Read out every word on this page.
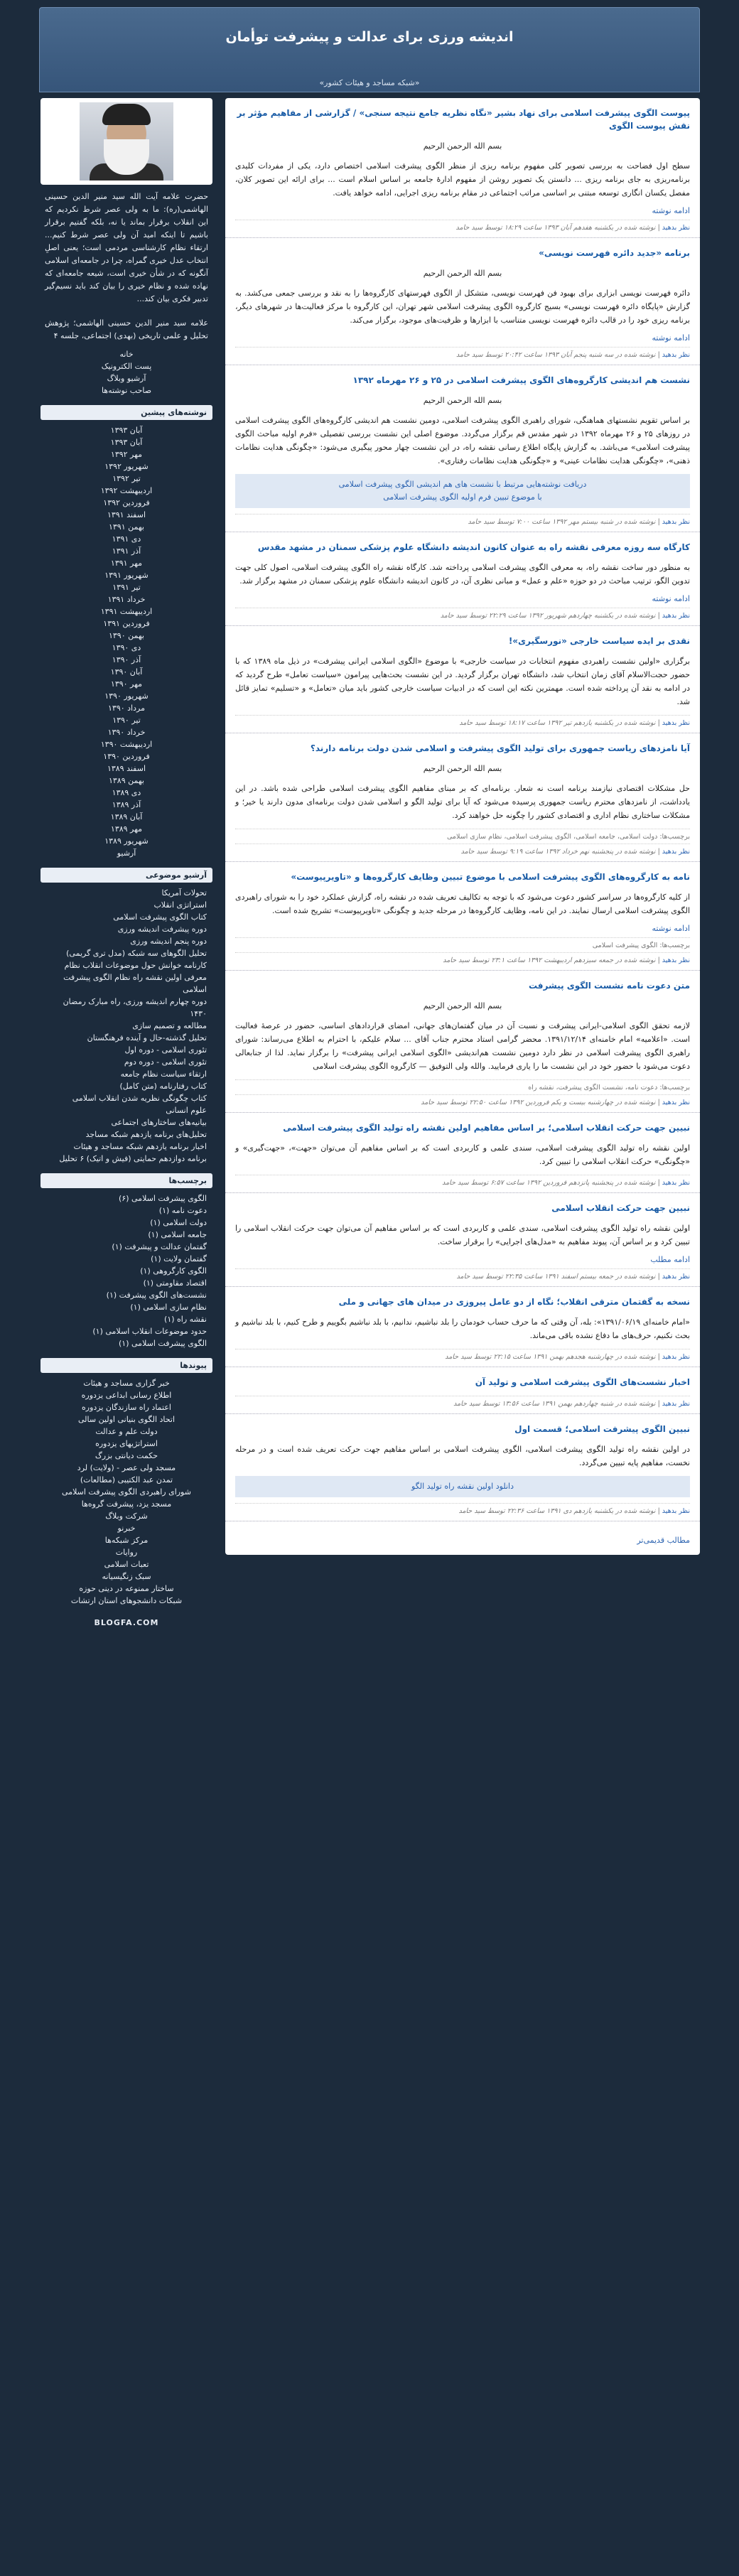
اندیشه ورزی برای عدالت و پیشرفت توأمان
«شبکه مساجد و هیئات کشور»
پیوست الگوی پیشرفت اسلامی برای نهاد بشیر «نگاه نظریه جامع نتیجه سنجی» / گزارشی از مفاهیم مؤثر بر نقش پیوست الگوی

بسم الله الرحمن الرحیم

سطح اول فضاحت به بررسی تصویر کلی مفهوم برنامه ریزی از منظر الگوی پیشرفت اسلامی اختصاص دارد، یکی از مفردات کلیدی برنامه‌ریزی به جای برنامه ریزی ... دانستن یک تصویر روشن از مفهوم ادارهٔ جامعه بر اساس اسلام است ... برای ارائه این تصویر کلان، مفصل یکسان انگاری توسعه مبتنی بر اساسی مراتب اجتماعی در مقام برنامه ریزی اجرایی، ادامه خواهد یافت.

ادامه نوشته
نظر بدهید | نوشته شده در یکشنبه هفدهم آبان ۱۳۹۳ ساعت ۱۸:۲۹ توسط سید حامد
برنامه «جدید دائره فهرست نویسی»

بسم الله الرحمن الرحیم

دائره فهرست نویسی ابزاری برای بهبود فن فهرست نویسی، متشکل از الگوی فهرستهای کارگروه‌ها را به نقد و بررسی جمعی می‌کشد. به گزارش «پایگاه دائره فهرست نویسی» بسیج کارگروه الگوی پیشرفت اسلامی شهر تهران، این کارگروه با مرکز فعالیت‌ها در شهرهای دیگر، برنامه ریزی خود را در قالب دائره فهرست نویسی متناسب با ابزارها و ظرفیت‌های موجود، برگزار می‌کند.

ادامه نوشته
نظر بدهید | نوشته شده در سه شنبه پنجم آبان ۱۳۹۳ ساعت ۲۰:۴۲ توسط سید حامد
نشست هم اندیشی کارگروه‌های الگوی پیشرفت اسلامی در ۲۵ و ۲۶ مهرماه ۱۳۹۲

بسم الله الرحمن الرحیم

بر اساس تقویم نشستهای هماهنگی، شورای راهبری الگوی پیشرفت اسلامی، دومین نشست هم اندیشی کارگروه‌های الگوی پیشرفت اسلامی در روزهای ۲۵ و ۲۶ مهرماه ۱۳۹۲ در شهر مقدس قم برگزار می‌گردد. موضوع اصلی این نشست بررسی تفصیلی «فرم اولیه مباحث الگوی پیشرفت اسلامی» می‌باشد. به گزارش پایگاه اطلاع رسانی نقشه راه، در این نشست چهار محور پیگیری می‌شود: «چگونگی هدایت نظامات ذهنی»، «چگونگی هدایت نظامات عینی» و «چگونگی هدایت نظامات رفتاری».

دریافت نوشته‌هایی مرتبط با نشست های هم اندیشی الگوی پیشرفت اسلامی
با موضوع تبیین فرم اولیه الگوی پیشرفت اسلامی
نظر بدهید | نوشته شده در شنبه بیستم مهر ۱۳۹۲ ساعت ۷:۰۰ توسط سید حامد
کارگاه سه روزه معرفی نقشه راه به عنوان کانون اندیشه دانشگاه علوم پزشکی سمنان در مشهد مقدس

به منظور دور ساخت نقشه راه، به معرفی الگوی پیشرفت اسلامی پرداخته شد. کارگاه نقشه راه الگوی پیشرفت اسلامی، اصول کلی جهت تدوین الگو، ترتیب مباحث در دو حوزه «علم و عمل» و مبانی نظری آن، در کانون اندیشه دانشگاه علوم پزشکی سمنان در مشهد برگزار شد.

ادامه نوشته
نظر بدهید | نوشته شده در یکشنبه چهاردهم شهریور ۱۳۹۲ ساعت ۲۲:۲۹ توسط سید حامد
نقدی بر ایده سیاست خارجی «نورسگیری»!

برگزاری «اولین نشست راهبردی مفهوم انتخابات در سیاست خارجی» با موضوع «الگوی اسلامی ایرانی پیشرفت» در ذیل ماه ۱۳۸۹ که با حضور حجت‌الاسلام آقای زمان انتخاب شد، دانشگاه تهران برگزار گردید. در این نشست بحث‌هایی پیرامون «سیاست تعامل» طرح گردید که در ادامه به نقد آن پرداخته شده است. مهمترین نکته این است که در ادبیات سیاست خارجی کشور باید میان «تعامل» و «تسلیم» تمایز قائل شد.

نظر بدهید | نوشته شده در یکشنبه یازدهم تیر ۱۳۹۲ ساعت ۱۸:۱۷ توسط سید حامد
آیا نامزدهای ریاست جمهوری برای تولید الگوی پیشرفت و اسلامی شدن دولت برنامه دارند؟

بسم الله الرحمن الرحیم

حل مشکلات اقتصادی نیازمند برنامه است نه شعار. برنامه‌ای که بر مبنای مفاهیم الگوی پیشرفت اسلامی طراحی شده باشد. در این یادداشت، از نامزدهای محترم ریاست جمهوری پرسیده می‌شود که آیا برای تولید الگو و اسلامی شدن دولت برنامه‌ای مدون دارند یا خیر؛ و مشکلات ساختاری نظام اداری و اقتصادی کشور را چگونه حل خواهند کرد.

برچسب‌ها: دولت اسلامی، جامعه اسلامی، الگوی پیشرفت اسلامی، نظام سازی اسلامی
نظر بدهید | نوشته شده در پنجشنبه نهم خرداد ۱۳۹۲ ساعت ۹:۱۹ توسط سید حامد
نامه به کارگروه‌های الگوی پیشرفت اسلامی با موضوع تبیین وظایف کارگروه‌ها و «تاویرپیوست»

از کلیه کارگروه‌ها در سراسر کشور دعوت می‌شود که با توجه به تکالیف تعریف شده در نقشه راه، گزارش عملکرد خود را به شورای راهبردی الگوی پیشرفت اسلامی ارسال نمایند. در این نامه، وظایف کارگروه‌ها در مرحله جدید و چگونگی «تاویرپیوست» تشریح شده است.

ادامه نوشته
برچسب‌ها: الگوی پیشرفت اسلامی
نظر بدهید | نوشته شده در جمعه سیزدهم اردیبهشت ۱۳۹۲ ساعت ۲۳:۱ توسط سید حامد
متن دعوت نامه نشست الگوی پیشرفت

بسم الله الرحمن الرحیم

لازمه تحقق الگوی اسلامی-ایرانی پیشرفت و نسبت آن در میان گفتمان‌های جهانی، امضای قراردادهای اساسی، حضور در عرصهٔ فعالیت است. «اعلامیه» امام خامنه‌ای ۱۳۹۱/۱۲/۱۴. محضر گرامی استاد محترم جناب آقای ... سلام علیکم، با احترام به اطلاع می‌رساند: شورای راهبری الگوی پیشرفت اسلامی در نظر دارد دومین نشست هم‌اندیشی «الگوی اسلامی ایرانی پیشرفت» را برگزار نماید. لذا از جنابعالی دعوت می‌شود با حضور خود در این نشست ما را یاری فرمایید. والله ولی التوفیق — کارگروه الگوی پیشرفت اسلامی

برچسب‌ها: دعوت نامه، نشست الگوی پیشرفت، نقشه راه
نظر بدهید | نوشته شده در چهارشنبه بیست و یکم فروردین ۱۳۹۲ ساعت ۲۲:۵۰ توسط سید حامد
نبیین جهت حرکت انقلاب اسلامی؛ بر اساس مفاهیم اولین نقشه راه تولید الگوی پیشرفت اسلامی

اولین نقشه راه تولید الگوی پیشرفت اسلامی، سندی علمی و کاربردی است که بر اساس مفاهیم آن می‌توان «جهت»، «جهت‌گیری» و «چگونگی» حرکت انقلاب اسلامی را تبیین کرد.

نظر بدهید | نوشته شده در پنجشنبه پانزدهم فروردین ۱۳۹۲ ساعت ۶:۵۷ توسط سید حامد
نبیین جهت حرکت انقلاب اسلامی

اولین نقشه راه تولید الگوی پیشرفت اسلامی، سندی علمی و کاربردی است که بر اساس مفاهیم آن می‌توان جهت حرکت انقلاب اسلامی را تبیین کرد و بر اساس آن، پیوند مفاهیم به «مدل‌های اجرایی» را برقرار ساخت.

ادامه مطلب
نظر بدهید | نوشته شده در جمعه بیستم اسفند ۱۳۹۱ ساعت ۲۲:۳۵ توسط سید حامد
نسخه به گفتمان مترقی انقلاب؛ نگاه از دو عامل پیروزی در میدان های جهانی و ملی

«امام خامنه‌ای ۱۳۹۱/۰۶/۱۹»: بله، آن وقتی که ما حرف حساب خودمان را بلد نباشیم، ندانیم، با بلد نباشیم بگوییم و طرح کنیم، با بلد نباشیم و بحث نکنیم، حرف‌های ما دفاع نشده باقی می‌ماند.

نظر بدهید | نوشته شده در چهارشنبه هجدهم بهمن ۱۳۹۱ ساعت ۲۲:۱۵ توسط سید حامد
اخبار نشست‌های الگوی پیشرفت اسلامی و تولید آن
نظر بدهید | نوشته شده در شنبه چهاردهم بهمن ۱۳۹۱ ساعت ۱۳:۵۶ توسط سید حامد
نبیین الگوی پیشرفت اسلامی؛ قسمت اول

در اولین نقشه راه تولید الگوی پیشرفت اسلامی، الگوی پیشرفت اسلامی بر اساس مفاهیم جهت حرکت تعریف شده است و در مرحله نخست، مفاهیم پایه تبیین می‌گردد.

دانلود اولین نقشه راه تولید الگو
نظر بدهید | نوشته شده در یکشنبه یازدهم دی ۱۳۹۱ ساعت ۲۲:۳۶ توسط سید حامد
مطالب قدیمی‌تر
حضرت علامه آیت الله سید منیر الدین حسینی الهاشمی(ره): ما به ولی عصر شرط نکردیم که این انقلاب برقرار بماند یا نه، بلکه گفتیم برقرار باشیم تا اینکه امید آن ولی عصر شرط کنیم... ارتقاء نظام کارشناسی مردمی است؛ یعنی اصلِ انتخاب عدل خیری گمراه، چرا در جامعه‌ای اسلامی آنگونه که در شأن خیری است، شیعه جامعه‌ای که نهاده شده و نظام خیری را بیان کند باید نسیم‌گیر تدبیر فکری بیان کند...
علامه سید منیر الدین حسینی الهاشمی؛ پژوهش تحلیل و علمی تاریخی (بهدی) اجتماعی، جلسه ۴
خانه
پست الکترونیک
آرشیو وبلاگ
صاحب نوشته‌ها
نوشته‌های پیشین
آبان ۱۳۹۳
آبان ۱۳۹۳
مهر ۱۳۹۲
شهریور ۱۳۹۲
تیر ۱۳۹۲
اردیبهشت ۱۳۹۲
فروردین ۱۳۹۲
اسفند ۱۳۹۱
بهمن ۱۳۹۱
دی ۱۳۹۱
آذر ۱۳۹۱
مهر ۱۳۹۱
شهریور ۱۳۹۱
تیر ۱۳۹۱
خرداد ۱۳۹۱
اردیبهشت ۱۳۹۱
فروردین ۱۳۹۱
بهمن ۱۳۹۰
دی ۱۳۹۰
آذر ۱۳۹۰
آبان ۱۳۹۰
مهر ۱۳۹۰
شهریور ۱۳۹۰
مرداد ۱۳۹۰
تیر ۱۳۹۰
خرداد ۱۳۹۰
اردیبهشت ۱۳۹۰
فروردین ۱۳۹۰
اسفند ۱۳۸۹
بهمن ۱۳۸۹
دی ۱۳۸۹
آذر ۱۳۸۹
آبان ۱۳۸۹
مهر ۱۳۸۹
شهریور ۱۳۸۹
آرشیو
آرشیو موضوعی
تحولات آمریکا
استراتژی انقلاب
کتاب الگوی پیشرفت اسلامی
دوره پیشرفت اندیشه ورزی
دوره پنجم اندیشه ورزی
تحلیل الگوهای سه شبکه (مدل تری گریمی)
کارنامه خوانش حول موضوعات انقلاب نظام
معرفی اولین نقشه راه نظام الگوی پیشرفت اسلامی
دوره چهارم اندیشه ورزی، راه مبارک رمضان ۱۴۳۰
مطالعه و تصمیم سازی
تحلیل گذشته-حال و آینده فرهنگستان
تئوری اسلامی - دوره اول
تئوری اسلامی - دوره دوم
ارتقاء سیاست نظام جامعه
کتاب رفتارنامه (متن کامل)
کتاب چگونگی نظریه شدن انقلاب اسلامی
علوم انسانی
بیانیه‌های ساختارهای اجتماعی
تحلیل‌های برنامه یازدهم شبکه مساجد
اخبار برنامه یازدهم شبکه مساجد و هیئات
برنامه دوازدهم حمایتی (فیش و اتیک) ۶ تحلیل
برچسب‌ها
الگوی پیشرفت اسلامی (۶)
دعوت نامه (۱)
دولت اسلامی (۱)
جامعه اسلامی (۱)
گفتمان عدالت و پیشرفت (۱)
گفتمان ولایت (۱)
الگوی کارگروهی (۱)
اقتصاد مقاومتی (۱)
نشست‌های الگوی پیشرفت (۱)
نظام سازی اسلامی (۱)
نقشه راه (۱)
حدود موضوعات انقلاب اسلامی (۱)
الگوی پیشرفت اسلامی (۱)
پیوندها
خبر گزاری مساجد و هیئات
اطلاع رسانی ابداعی یزدوره
اعتماد راه سازندگان یزدوره
اتحاد الگوی بنیانی اولین سالی
دولت علم و عدالت
استراتژیهای یزدوره
حکمت دیانتی بزرگ
مسجد ولی عصر - (ولایت) لرد
تمدن عبد الکتیبی (مطالعات)
شورای راهبردی الگوی پیشرفت اسلامی
مسجد یزد، پیشرفت گروه‌ها
شرکت وبلاگ
خبرنو
مرکز شبکه‌ها
روایات
تعبات اسلامی
سبک زنگیسیانه
ساختار ممنوعه در دینی حوزه
شبکات دانشجوهای استان ارتشات
BLOGFA.COM
